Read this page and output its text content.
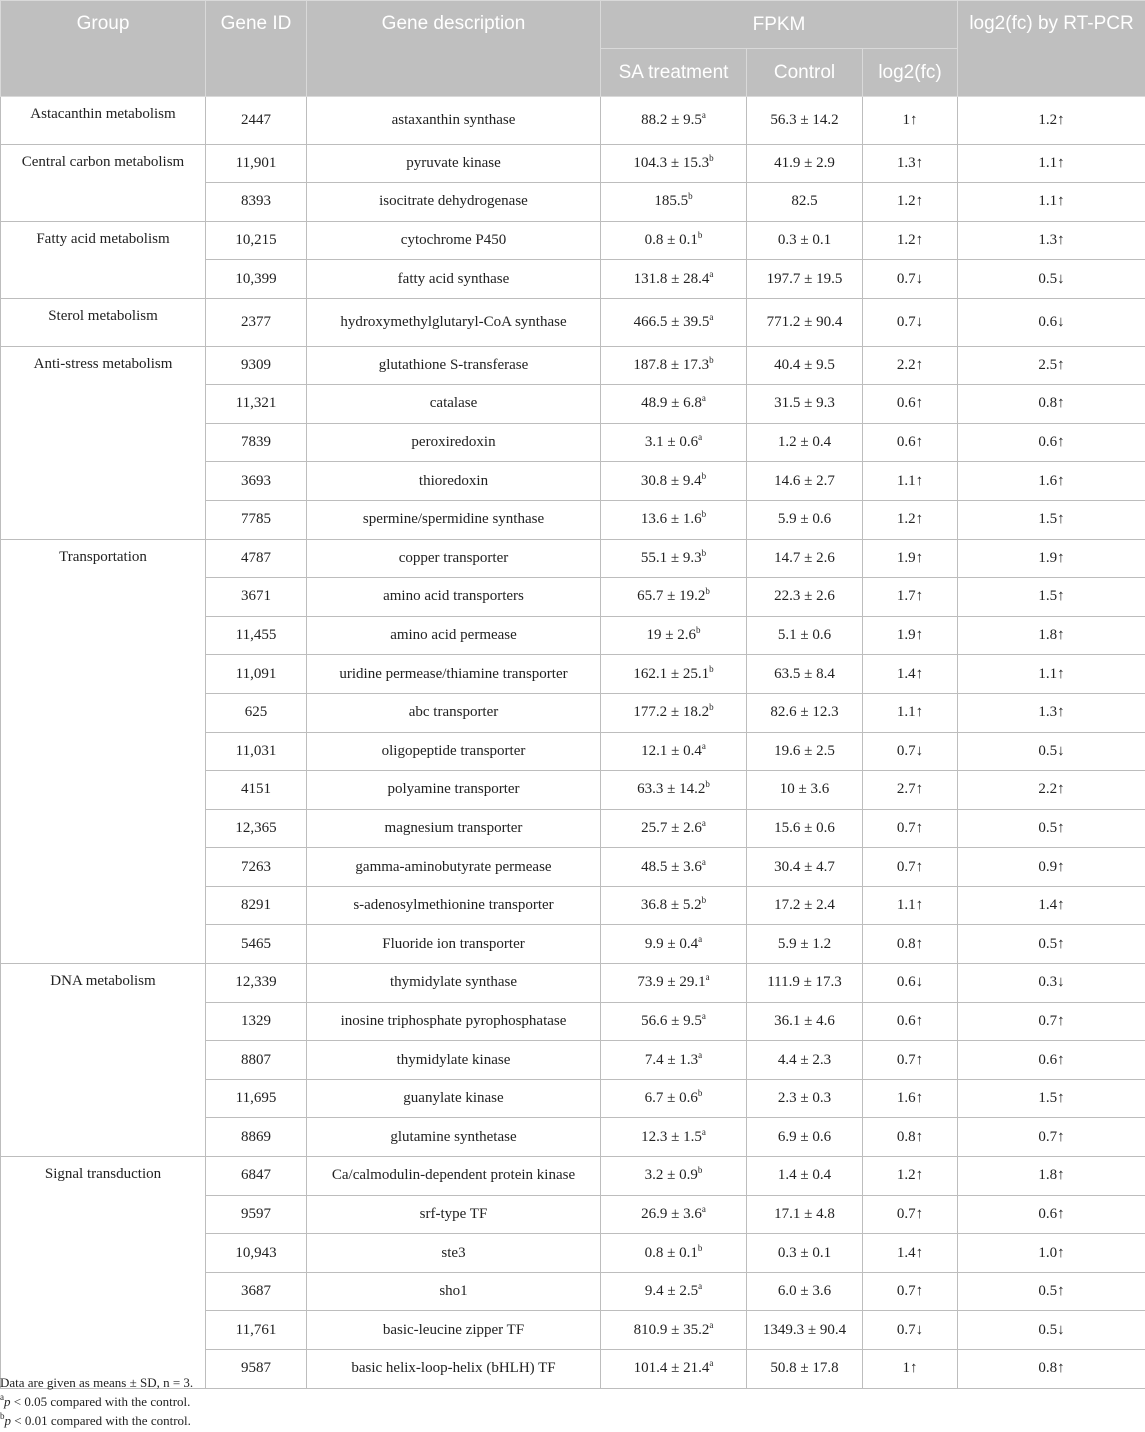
Group	Gene ID	Gene description	FPKM			log2(fc) by RT-PCR
			SA treatment	Control	log2(fc)	
Astacanthin metabolism	2447	astaxanthin synthase	88.2 ± 9.5$^a$	56.3 ± 14.2	1↑	1.2↑
Central carbon metabolism	11,901	pyruvate kinase	104.3 ± 15.3$^b$	41.9 ± 2.9	1.3↑	1.1↑
	8393	isocitrate dehydrogenase	185.5$^b$	82.5	1.2↑	1.1↑
Fatty acid metabolism	10,215	cytochrome P450	0.8 ± 0.1$^b$	0.3 ± 0.1	1.2↑	1.3↑
	10,399	fatty acid synthase	131.8 ± 28.4$^a$	197.7 ± 19.5	0.7↓	0.5↓
Sterol metabolism	2377	hydroxymethylglutaryl-CoA synthase	466.5 ± 39.5$^a$	771.2 ± 90.4	0.7↓	0.6↓
Anti-stress metabolism	9309	glutathione S-transferase	187.8 ± 17.3$^b$	40.4 ± 9.5	2.2↑	2.5↑
	11,321	catalase	48.9 ± 6.8$^a$	31.5 ± 9.3	0.6↑	0.8↑
	7839	peroxiredoxin	3.1 ± 0.6$^a$	1.2 ± 0.4	0.6↑	0.6↑
	3693	thioredoxin	30.8 ± 9.4$^b$	14.6 ± 2.7	1.1↑	1.6↑
	7785	spermine/spermidine synthase	13.6 ± 1.6$^b$	5.9 ± 0.6	1.2↑	1.5↑
Transportation	4787	copper transporter	55.1 ± 9.3$^b$	14.7 ± 2.6	1.9↑	1.9↑
	3671	amino acid transporters	65.7 ± 19.2$^b$	22.3 ± 2.6	1.7↑	1.5↑
	11,455	amino acid permease	19 ± 2.6$^b$	5.1 ± 0.6	1.9↑	1.8↑
	11,091	uridine permease/thiamine transporter	162.1 ± 25.1$^b$	63.5 ± 8.4	1.4↑	1.1↑
	625	abc transporter	177.2 ± 18.2$^b$	82.6 ± 12.3	1.1↑	1.3↑
	11,031	oligopeptide transporter	12.1 ± 0.4$^a$	19.6 ± 2.5	0.7↓	0.5↓
	4151	polyamine transporter	63.3 ± 14.2$^b$	10 ± 3.6	2.7↑	2.2↑
	12,365	magnesium transporter	25.7 ± 2.6$^a$	15.6 ± 0.6	0.7↑	0.5↑
	7263	gamma-aminobutyrate permease	48.5 ± 3.6$^a$	30.4 ± 4.7	0.7↑	0.9↑
	8291	s-adenosylmethionine transporter	36.8 ± 5.2$^b$	17.2 ± 2.4	1.1↑	1.4↑
	5465	Fluoride ion transporter	9.9 ± 0.4$^a$	5.9 ± 1.2	0.8↑	0.5↑
DNA metabolism	12,339	thymidylate synthase	73.9 ± 29.1$^a$	111.9 ± 17.3	0.6↓	0.3↓
	1329	inosine triphosphate pyrophosphatase	56.6 ± 9.5$^a$	36.1 ± 4.6	0.6↑	0.7↑
	8807	thymidylate kinase	7.4 ± 1.3$^a$	4.4 ± 2.3	0.7↑	0.6↑
	11,695	guanylate kinase	6.7 ± 0.6$^b$	2.3 ± 0.3	1.6↑	1.5↑
	8869	glutamine synthetase	12.3 ± 1.5$^a$	6.9 ± 0.6	0.8↑	0.7↑
Signal transduction	6847	Ca/calmodulin-dependent protein kinase	3.2 ± 0.9$^b$	1.4 ± 0.4	1.2↑	1.8↑
	9597	srf-type TF	26.9 ± 3.6$^a$	17.1 ± 4.8	0.7↑	0.6↑
	10,943	ste3	0.8 ± 0.1$^b$	0.3 ± 0.1	1.4↑	1.0↑
	3687	sho1	9.4 ± 2.5$^a$	6.0 ± 3.6	0.7↑	0.5↑
	11,761	basic-leucine zipper TF	810.9 ± 35.2$^a$	1349.3 ± 90.4	0.7↓	0.5↓
	9587	basic helix-loop-helix (bHLH) TF	101.4 ± 21.4$^a$	50.8 ± 17.8	1↑	0.8↑
Data are given as means ± SD, n = 3.
$^a$p < 0.05 compared with the control.
$^b$p < 0.01 compared with the control.
